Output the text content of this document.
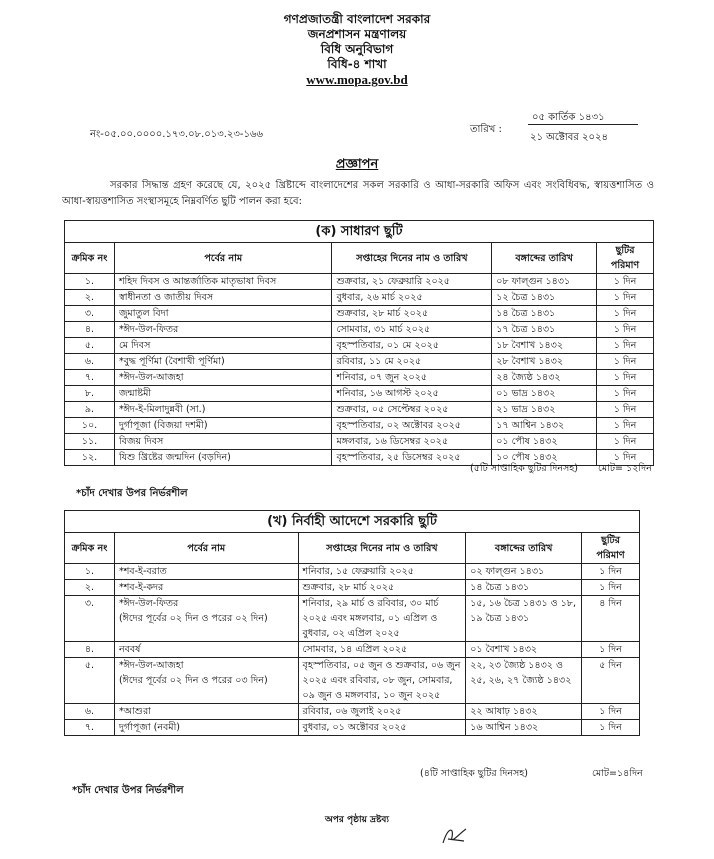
গণপ্রজাতন্ত্রী বাংলাদেশ সরকার
জনপ্রশাসন মন্ত্রণালয়
বিধি অনুবিভাগ
বিধি-৪ শাখা
www.mopa.gov.bd
নং-০৫.০০.০০০০.১৭৩.০৮.০১৩.২৩-১৬৬	তারিখ :
০৫ কার্তিক ১৪৩১
২১ অক্টোবর ২০২৪
প্রজ্ঞাপন

সরকার সিদ্ধান্ত গ্রহণ করেছে যে, ২০২৫ খ্রিষ্টাব্দে বাংলাদেশের সকল সরকারি ও আধা-সরকারি অফিস এবং সংবিধিবদ্ধ, স্বায়ত্তশাসিত ও আধা-স্বায়ত্তশাসিত সংস্থাসমূহে নিম্নবর্ণিত ছুটি পালন করা হবে:

(ক) সাধারণ ছুটি				
ক্রমিক নং	পর্বের নাম	সপ্তাহের দিনের নাম ও তারিখ	বঙ্গাব্দের তারিখ	ছুটির পরিমাণ
১.	শহিদ দিবস ও আন্তর্জাতিক মাতৃভাষা দিবস	শুক্রবার, ২১ ফেব্রুয়ারি ২০২৫	০৮ ফাল্গুন ১৪৩১	১ দিন
২.	স্বাধীনতা ও জাতীয় দিবস	বুধবার, ২৬ মার্চ ২০২৫	১২ চৈত্র ১৪৩১	১ দিন
৩.	জুমাতুল বিদা	শুক্রবার, ২৮ মার্চ ২০২৫	১৪ চৈত্র ১৪৩১	১ দিন
৪.	*ঈদ-উল-ফিতর	সোমবার, ৩১ মার্চ ২০২৫	১৭ চৈত্র ১৪৩১	১ দিন
৫.	মে দিবস	বৃহস্পতিবার, ০১ মে ২০২৫	১৮ বৈশাখ ১৪৩২	১ দিন
৬.	*বুদ্ধ পূর্ণিমা (বৈশাখী পূর্ণিমা)	রবিবার, ১১ মে ২০২৫	২৮ বৈশাখ ১৪৩২	১ দিন
৭.	*ঈদ-উল-আজহা	শনিবার, ০৭ জুন ২০২৫	২৪ জ্যৈষ্ঠ ১৪৩২	১ দিন
৮.	জন্মাষ্টমী	শনিবার, ১৬ আগস্ট ২০২৫	০১ ভাদ্র ১৪৩২	১ দিন
৯.	*ঈদ-ই-মিলাদুন্নবী (সা.)	শুক্রবার, ০৫ সেপ্টেম্বর ২০২৫	২১ ভাদ্র ১৪৩২	১ দিন
১০.	দুর্গাপূজা (বিজয়া দশমী)	বৃহস্পতিবার, ০২ অক্টোবর ২০২৫	১৭ আশ্বিন ১৪৩২	১ দিন
১১.	বিজয় দিবস	মঙ্গলবার, ১৬ ডিসেম্বর ২০২৫	০১ পৌষ ১৪৩২	১ দিন
১২.	যিশু খ্রিষ্টের জন্মদিন (বড়দিন)	বৃহস্পতিবার, ২৫ ডিসেম্বর ২০২৫	১০ পৌষ ১৪৩২	১ দিন
(৫টি সাপ্তাহিক ছুটির দিনসহ) মোট= ১২দিন
*চাঁদ দেখার উপর নির্ভরশীল
(খ) নির্বাহী আদেশে সরকারি ছুটি				
ক্রমিক নং	পর্বের নাম	সপ্তাহের দিনের নাম ও তারিখ	বঙ্গাব্দের তারিখ	ছুটির পরিমাণ
১.	*শব-ই-বরাত	শনিবার, ১৫ ফেব্রুয়ারি ২০২৫	০২ ফাল্গুন ১৪৩১	১ দিন
২.	*শব-ই-কদর	শুক্রবার, ২৮ মার্চ ২০২৫	১৪ চৈত্র ১৪৩১	১ দিন
৩.	*ঈদ-উল-ফিতর
(ঈদের পূর্বের ০২ দিন ও পরের ০২ দিন)	শনিবার, ২৯ মার্চ ও রবিবার, ৩০ মার্চ ২০২৫ এবং মঙ্গলবার, ০১ এপ্রিল ও বুধবার, ০২ এপ্রিল ২০২৫	১৫, ১৬ চৈত্র ১৪৩১ ও ১৮, ১৯ চৈত্র ১৪৩১	৪ দিন
৪.	নববর্ষ	সোমবার, ১৪ এপ্রিল ২০২৫	০১ বৈশাখ ১৪৩২	১ দিন
৫.	*ঈদ-উল-আজহা
(ঈদের পূর্বের ০২ দিন ও পরের ০৩ দিন)	বৃহস্পতিবার, ০৫ জুন ও শুক্রবার, ০৬ জুন ২০২৫ এবং রবিবার, ০৮ জুন, সোমবার, ০৯ জুন ও মঙ্গলবার, ১০ জুন ২০২৫	২২, ২৩ জ্যৈষ্ঠ ১৪৩২ ও ২৫, ২৬, ২৭ জ্যৈষ্ঠ ১৪৩২	৫ দিন
৬.	*আশুরা	রবিবার, ০৬ জুলাই ২০২৫	২২ আষাঢ় ১৪৩২	১ দিন
৭.	দুর্গাপূজা (নবমী)	বুধবার, ০১ অক্টোবর ২০২৫	১৬ আশ্বিন ১৪৩২	১ দিন
(৪টি সাপ্তাহিক ছুটির দিনসহ)	মোট=১৪দিন
*চাঁদ দেখার উপর নির্ভরশীল
অপর পৃষ্ঠায় দ্রষ্টব্য
